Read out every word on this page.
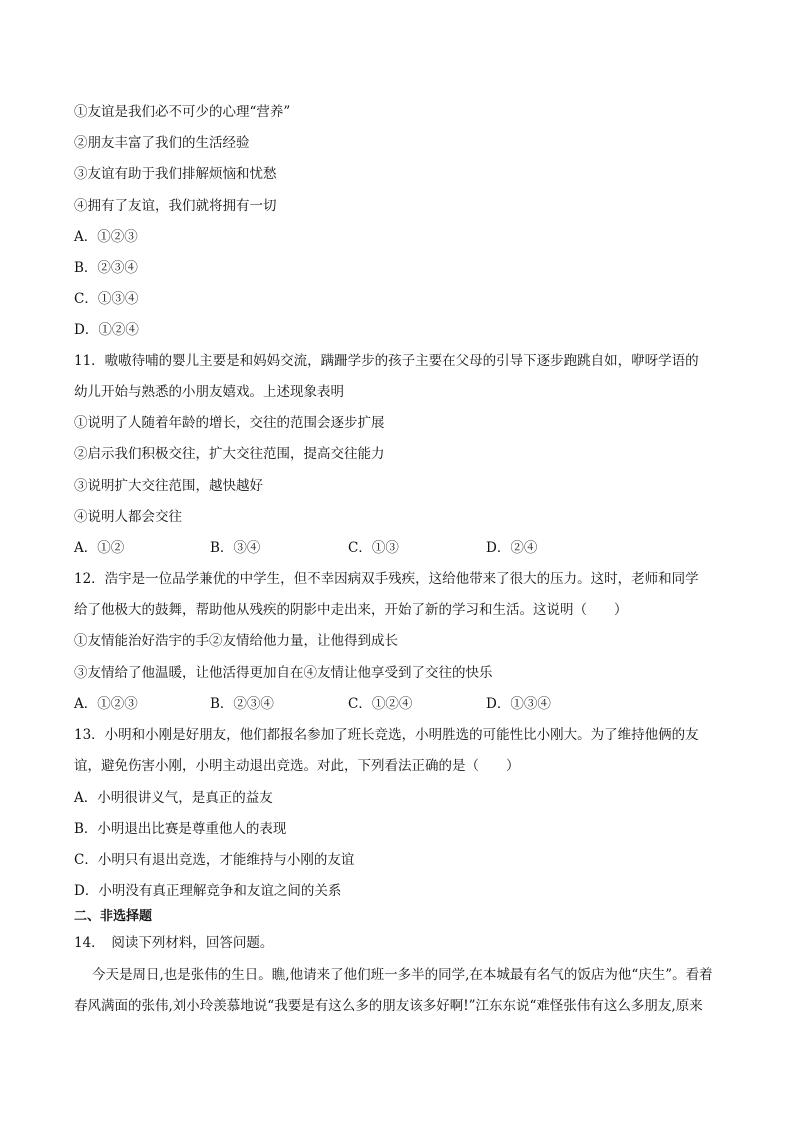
①友谊是我们必不可少的心理“营养”
②朋友丰富了我们的生活经验
③友谊有助于我们排解烦恼和忧愁
④拥有了友谊，我们就将拥有一切
A．①②③
B．②③④
C．①③④
D．①②④
11．嗷嗷待哺的婴儿主要是和妈妈交流，蹒跚学步的孩子主要在父母的引导下逐步跑跳自如，咿呀学语的
幼儿开始与熟悉的小朋友嬉戏。上述现象表明
①说明了人随着年龄的增长，交往的范围会逐步扩展
②启示我们积极交往，扩大交往范围，提高交往能力
③说明扩大交往范围，越快越好
④说明人都会交往
A．①②	B．③④	C．①③	D．②④
12．浩宇是一位品学兼优的中学生，但不幸因病双手残疾，这给他带来了很大的压力。这时，老师和同学
给了他极大的鼓舞，帮助他从残疾的阴影中走出来，开始了新的学习和生活。这说明（　　）
①友情能治好浩宇的手②友情给他力量，让他得到成长
③友情给了他温暖，让他活得更加自在④友情让他享受到了交往的快乐
A．①②③	B．②③④	C．①②④	D．①③④
13．小明和小刚是好朋友，他们都报名参加了班长竞选，小明胜选的可能性比小刚大。为了维持他俩的友
谊，避免伤害小刚，小明主动退出竞选。对此，下列看法正确的是（　　）
A．小明很讲义气，是真正的益友
B．小明退出比赛是尊重他人的表现
C．小明只有退出竞选，才能维持与小刚的友谊
D．小明没有真正理解竞争和友谊之间的关系
二、非选择题
14．　阅读下列材料，回答问题。
今天是周日,也是张伟的生日。瞧,他请来了他们班一多半的同学,在本城最有名气的饭店为他“庆生”。看着
春风满面的张伟,刘小玲羡慕地说“我要是有这么多的朋友该多好啊!”江东东说“难怪张伟有这么多朋友,原来
